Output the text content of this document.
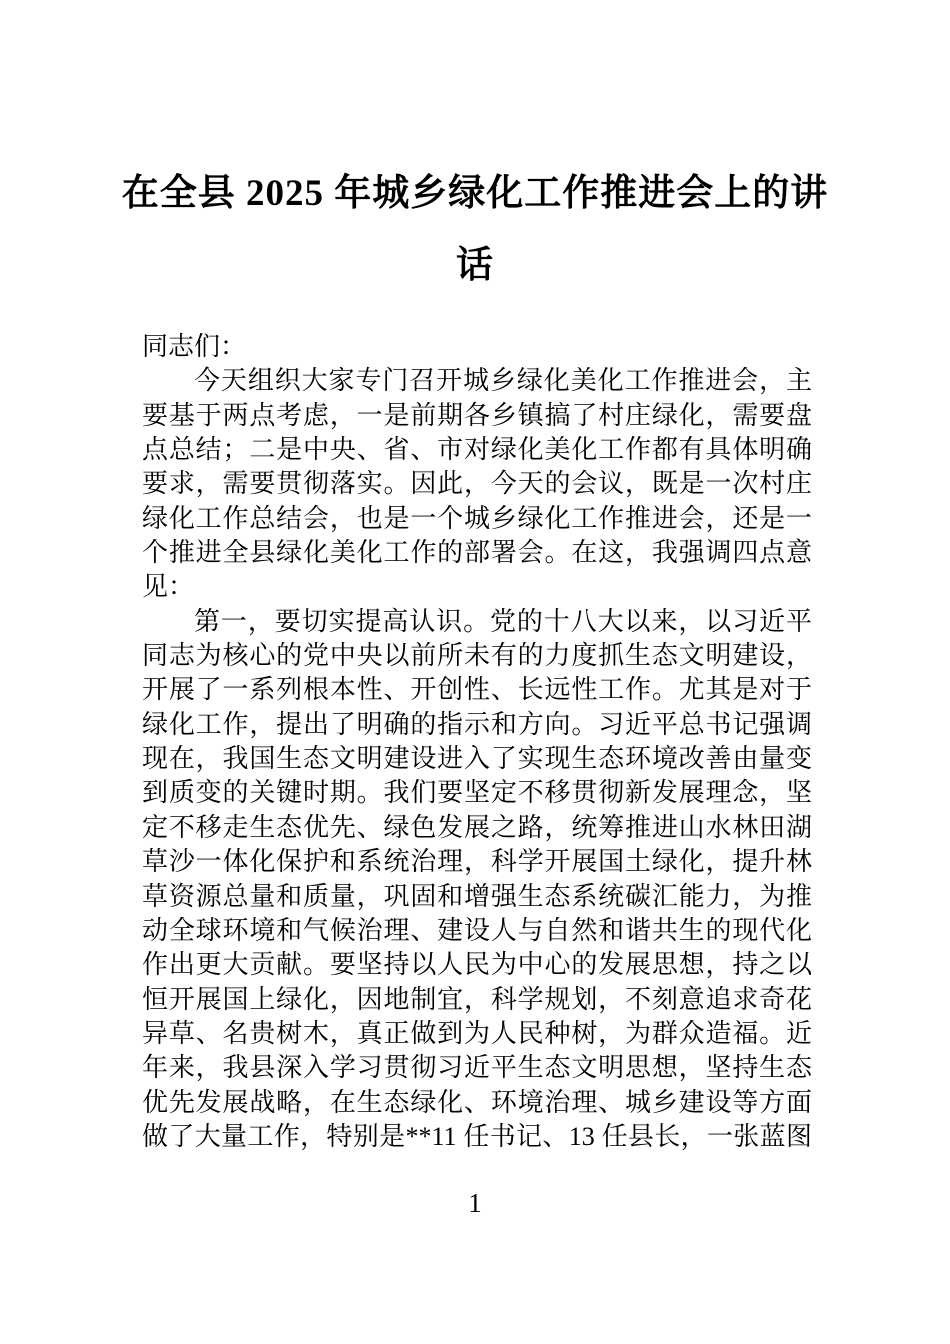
在全县 2025 年城乡绿化工作推进会上的讲
话
同志们：
今天组织大家专门召开城乡绿化美化工作推进会，主
要基于两点考虑，一是前期各乡镇搞了村庄绿化，需要盘
点总结；二是中央、省、市对绿化美化工作都有具体明确
要求，需要贯彻落实。因此，今天的会议，既是一次村庄
绿化工作总结会，也是一个城乡绿化工作推进会，还是一
个推进全县绿化美化工作的部署会。在这，我强调四点意
见：
第一，要切实提高认识。党的十八大以来，以习近平
同志为核心的党中央以前所未有的力度抓生态文明建设，
开展了一系列根本性、开创性、长远性工作。尤其是对于
绿化工作，提出了明确的指示和方向。习近平总书记强调
现在，我国生态文明建设进入了实现生态环境改善由量变
到质变的关键时期。我们要坚定不移贯彻新发展理念，坚
定不移走生态优先、绿色发展之路，统筹推进山水林田湖
草沙一体化保护和系统治理，科学开展国土绿化，提升林
草资源总量和质量，巩固和增强生态系统碳汇能力，为推
动全球环境和气候治理、建设人与自然和谐共生的现代化
作出更大贡献。要坚持以人民为中心的发展思想，持之以
恒开展国上绿化，因地制宜，科学规划，不刻意追求奇花
异草、名贵树木，真正做到为人民种树，为群众造福。近
年来，我县深入学习贯彻习近平生态文明思想，坚持生态
优先发展战略，在生态绿化、环境治理、城乡建设等方面
做了大量工作，特别是**11 任书记、13 任县长，一张蓝图
1
